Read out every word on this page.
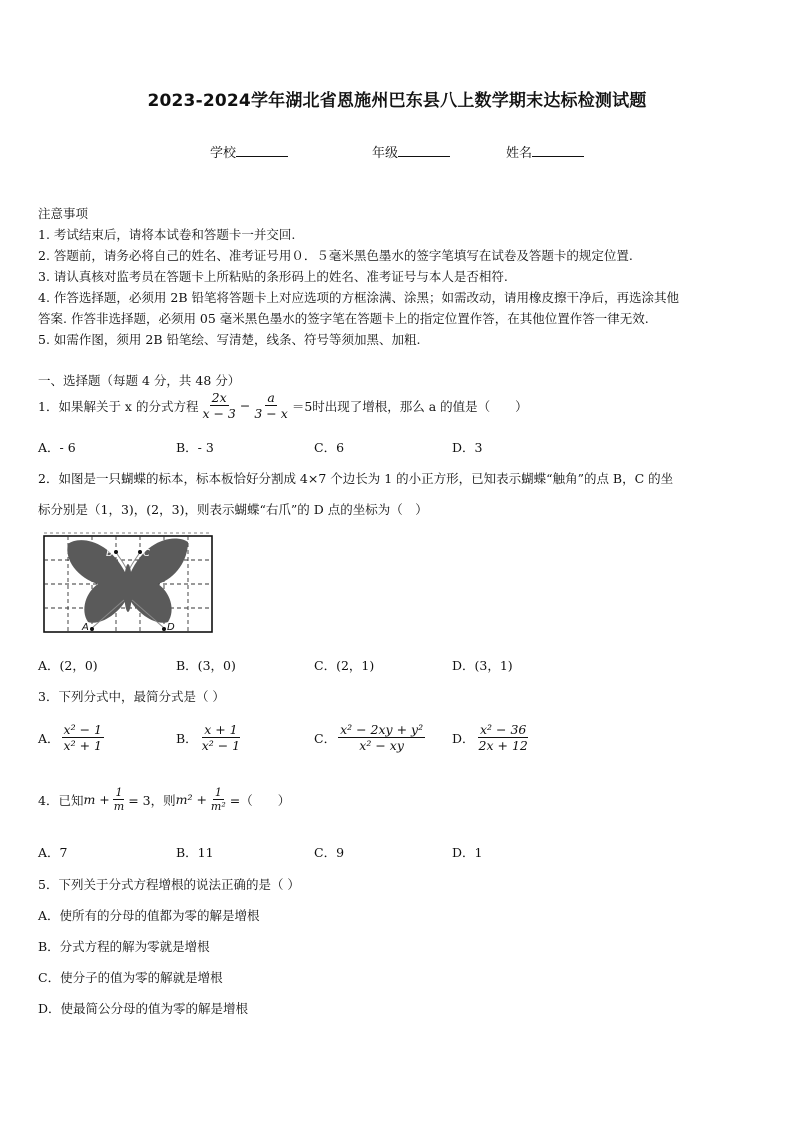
2023-2024学年湖北省恩施州巴东县八上数学期末达标检测试题
学校	年级	姓名
注意事项
1. 考试结束后，请将本试卷和答题卡一并交回.
2. 答题前，请务必将自己的姓名、准考证号用０．５毫米黑色墨水的签字笔填写在试卷及答题卡的规定位置.
3. 请认真核对监考员在答题卡上所粘贴的条形码上的姓名、准考证号与本人是否相符.
4. 作答选择题，必须用 2B 铅笔将答题卡上对应选项的方框涂满、涂黑；如需改动，请用橡皮擦干净后，再选涂其他
答案. 作答非选择题，必须用 05 毫米黑色墨水的签字笔在答题卡上的指定位置作答，在其他位置作答一律无效.
5. 如需作图，须用 2B 铅笔绘、写清楚，线条、符号等须加黑、加粗.
一、选择题（每题 4 分，共 48 分）
1．如果解关于 x 的分式方程 $\frac{2x}{x - 3} - \frac{a}{3 - x} =5$时出现了增根，那么 a 的值是（　　）
A．- 6	B．- 3	C．6	D．3
2．如图是一只蝴蝶的标本，标本板恰好分割成 4×7 个边长为 1 的小正方形，已知表示蝴蝶“触角”的点 B，C 的坐
标分别是（1，3)，(2，3)，则表示蝴蝶“右爪”的 D 点的坐标为（　）
B	C
A	D
A．(2，0)	B．(3，0)	C．(2，1)	D．(3，1)
3．下列分式中，最简分式是（ ）
A． $\frac{\text{x² − 1}}{\text{x² + 1}}$	B． $\frac{x + 1}{\text{x² − 1}}$	C． $\frac{\text{x² − 2xy + y²}}{\text{x² − xy}}$ D． $\frac{\text{x² − 36}}{2x + 12}$
4．已知 $m + \frac{1}{m} = 3$，则 $m^2 + \frac{1}{\text{m²}}$ =（　　）
A．7	B．11	C．9	D．1
5．下列关于分式方程增根的说法正确的是（ ）
A．使所有的分母的值都为零的解是增根
B．分式方程的解为零就是增根
C．使分子的值为零的解就是增根
D．使最简公分母的值为零的解是增根
